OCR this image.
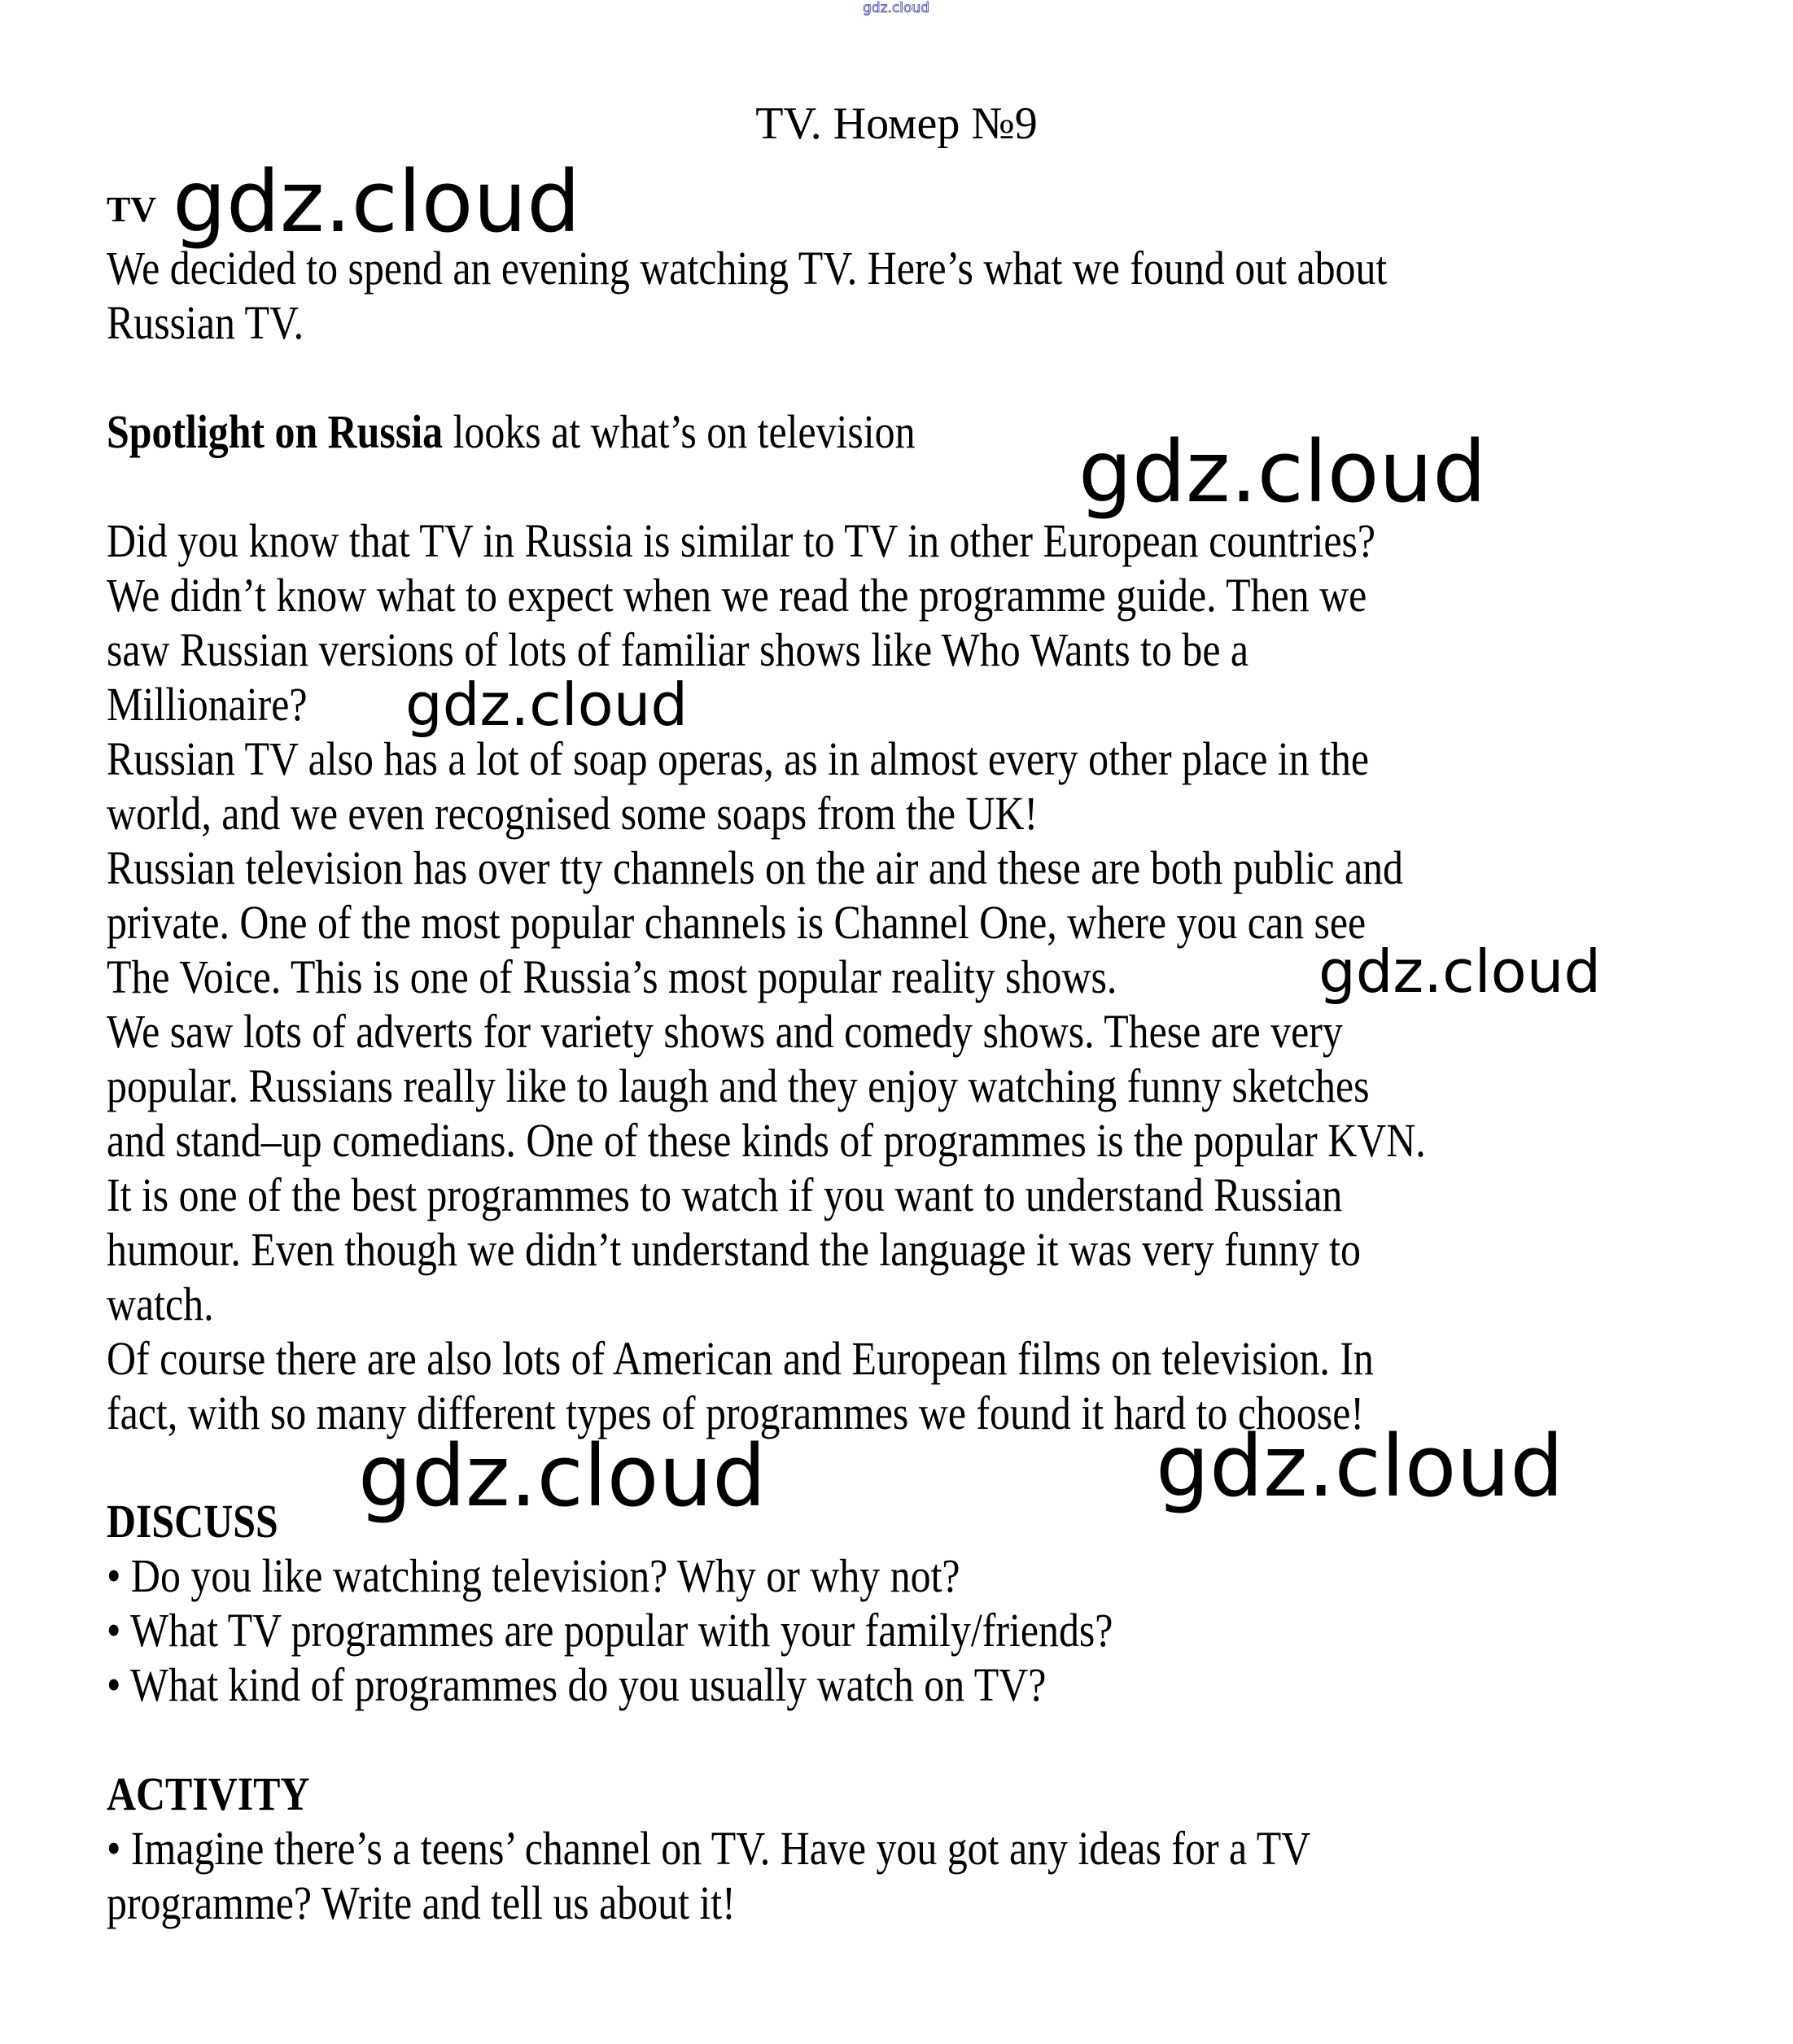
gdz.cloud
TV. Номер №9
TV gdz.cloud
We decided to spend an evening watching TV. Here’s what we found out about
Russian TV.
Spotlight on Russia looks at what’s on television gdz.cloud
Did you know that TV in Russia is similar to TV in other European countries?
We didn’t know what to expect when we read the programme guide. Then we
saw Russian versions of lots of familiar shows like Who Wants to be a
Millionaire?
Russian TV also has a lot of soap operas, as in almost every other place in the
world, and we even recognised some soaps from the UK!
Russian television has over tty channels on the air and these are both public and
private. One of the most popular channels is Channel One, where you can see
The Voice. This is one of Russia’s most popular reality shows.
We saw lots of adverts for variety shows and comedy shows. These are very
popular. Russians really like to laugh and they enjoy watching funny sketches
and stand–up comedians. One of these kinds of programmes is the popular KVN.
It is one of the best programmes to watch if you want to understand Russian
humour. Even though we didn’t understand the language it was very funny to
watch.
Of course there are also lots of American and European films on television. In
fact, with so many different types of programmes we found it hard to choose!
gdz.cloud
gdz.cloud
gdz.cloud	gdz.cloud
DISCUSS
• Do you like watching television? Why or why not?
• What TV programmes are popular with your family/friends?
• What kind of programmes do you usually watch on TV?
ACTIVITY
• Imagine there’s a teens’ channel on TV. Have you got any ideas for a TV
programme? Write and tell us about it!
